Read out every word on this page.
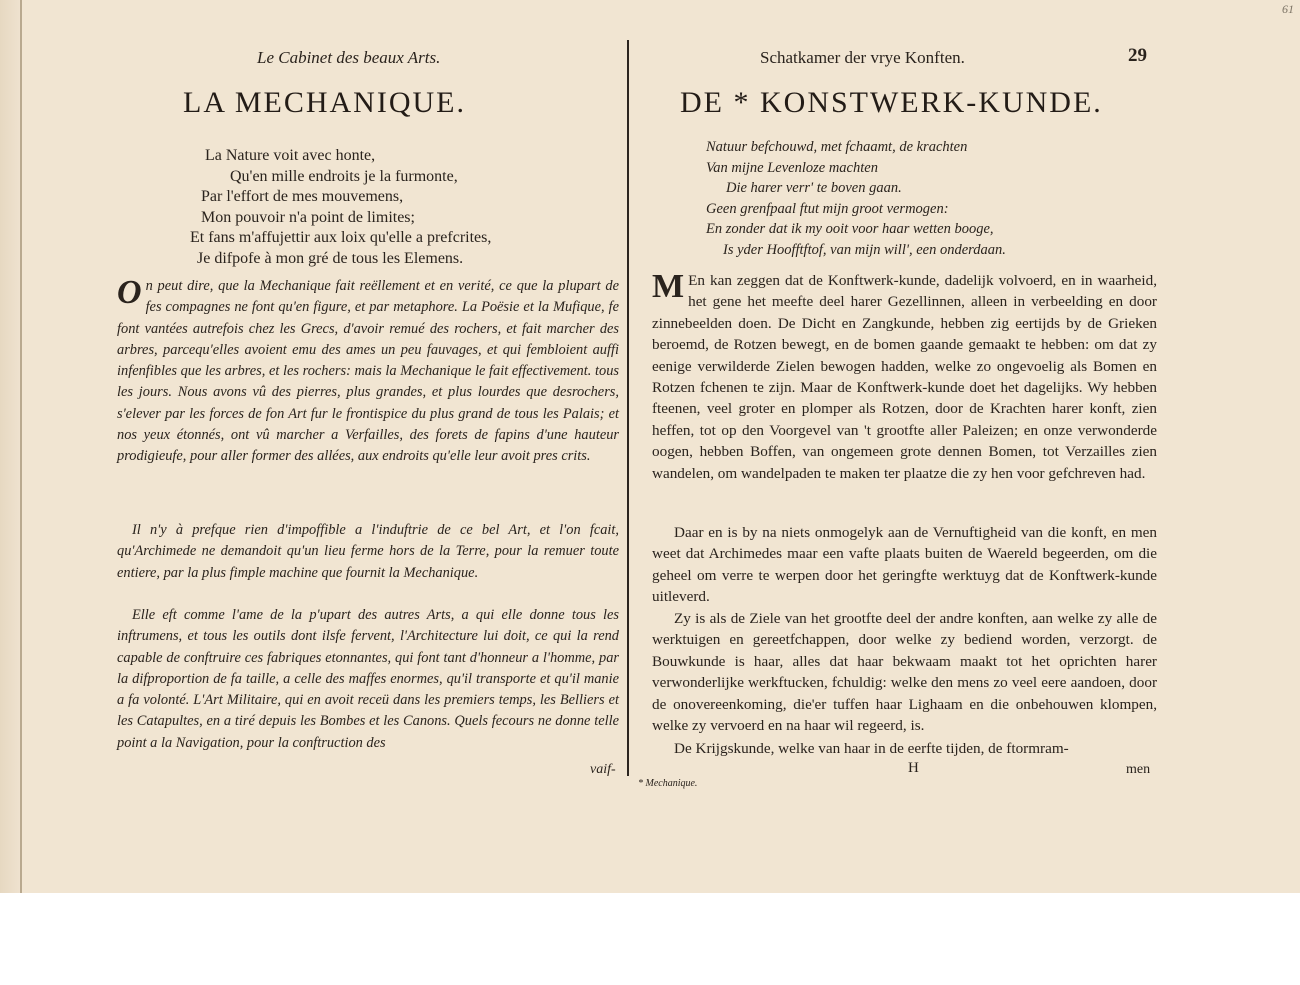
61
Le Cabinet des beaux Arts.
LA MECHANIQUE.
La Nature voit avec honte,
Qu'en mille endroits je la furmonte,
Par l'effort de mes mouvemens,
Mon pouvoir n'a point de limites;
Et fans m'affujettir aux loix qu'elle a prefcrites,
Je difpofe à mon gré de tous les Elemens.
On peut dire, que la Mechanique fait reëllement et en verité, ce que la plupart de fes compagnes ne font qu'en figure, et par metaphore. La Poësie et la Mufique, fe font vantées autrefois chez les Grecs, d'avoir remué des rochers, et fait marcher des arbres, parcequ'elles avoient emu des ames un peu fauvages, et qui fembloient auffi infenfibles que les arbres, et les rochers: mais la Mechanique le fait effectivement. tous les jours. Nous avons vû des pierres, plus grandes, et plus lourdes que desrochers, s'elever par les forces de fon Art fur le frontispice du plus grand de tous les Palais; et nos yeux étonnés, ont vû marcher a Verfailles, des forets de fapins d'une hauteur prodigieufe, pour aller former des allées, aux endroits qu'elle leur avoit pres crits.
Il n'y à prefque rien d'impoffible a l'induftrie de ce bel Art, et l'on fcait, qu'Archimede ne demandoit qu'un lieu ferme hors de la Terre, pour la remuer toute entiere, par la plus fimple machine que fournit la Mechanique.
Elle eft comme l'ame de la p'upart des autres Arts, a qui elle donne tous les inftrumens, et tous les outils dont ilsfe fervent, l'Architecture lui doit, ce qui la rend capable de conftruire ces fabriques etonnantes, qui font tant d'honneur a l'homme, par la difproportion de fa taille, a celle des maffes enormes, qu'il transporte et qu'il manie a fa volonté. L'Art Militaire, qui en avoit receü dans les premiers temps, les Belliers et les Catapultes, en a tiré depuis les Bombes et les Canons. Quels fecours ne donne telle point a la Navigation, pour la conftruction des
vaif-
Schatkamer der vrye Konften.	29
DE * KONSTWERK-KUNDE.
Natuur befchouwd, met fchaamt, de krachten
Van mijne Levenloze machten
Die harer verr' te boven gaan.
Geen grenfpaal ftut mijn groot vermogen:
En zonder dat ik my ooit voor haar wetten booge,
Is yder Hoofftftof, van mijn will', een onderdaan.
M En kan zeggen dat de Konftwerk-kunde, dadelijk volvoerd, en in waarheid, het gene het meefte deel harer Gezellinnen, alleen in verbeelding en door zinnebeelden doen. De Dicht en Zangkunde, hebben zig eertijds by de Grieken beroemd, de Rotzen bewegt, en de bomen gaande gemaakt te hebben: om dat zy eenige verwilderde Zielen bewogen hadden, welke zo ongevoelig als Bomen en Rotzen fchenen te zijn. Maar de Konftwerk-kunde doet het dagelijks. Wy hebben fteenen, veel groter en plomper als Rotzen, door de Krachten harer konft, zien heffen, tot op den Voorgevel van 't grootfte aller Paleizen; en onze verwonderde oogen, hebben Boffen, van ongemeen grote dennen Bomen, tot Verzailles zien wandelen, om wandelpaden te maken ter plaatze die zy hen voor gefchreven had.
Daar en is by na niets onmogelyk aan de Vernuftigheid van die konft, en men weet dat Archimedes maar een vafte plaats buiten de Waereld begeerden, om die geheel om verre te werpen door het geringfte werktuyg dat de Konftwerk-kunde uitleverd.
Zy is als de Ziele van het grootfte deel der andre konften, aan welke zy alle de werktuigen en gereetfchappen, door welke zy bediend worden, verzorgt. de Bouwkunde is haar, alles dat haar bekwaam maakt tot het oprichten harer verwonderlijke werkftucken, fchuldig: welke den mens zo veel eere aandoen, door de onovereenkoming, die'er tuffen haar Lighaam en die onbehouwen klompen, welke zy vervoerd en na haar wil regeerd, is.
De Krijgskunde, welke van haar in de eerfte tijden, de ftormram-
H	men
* Mechanique.
